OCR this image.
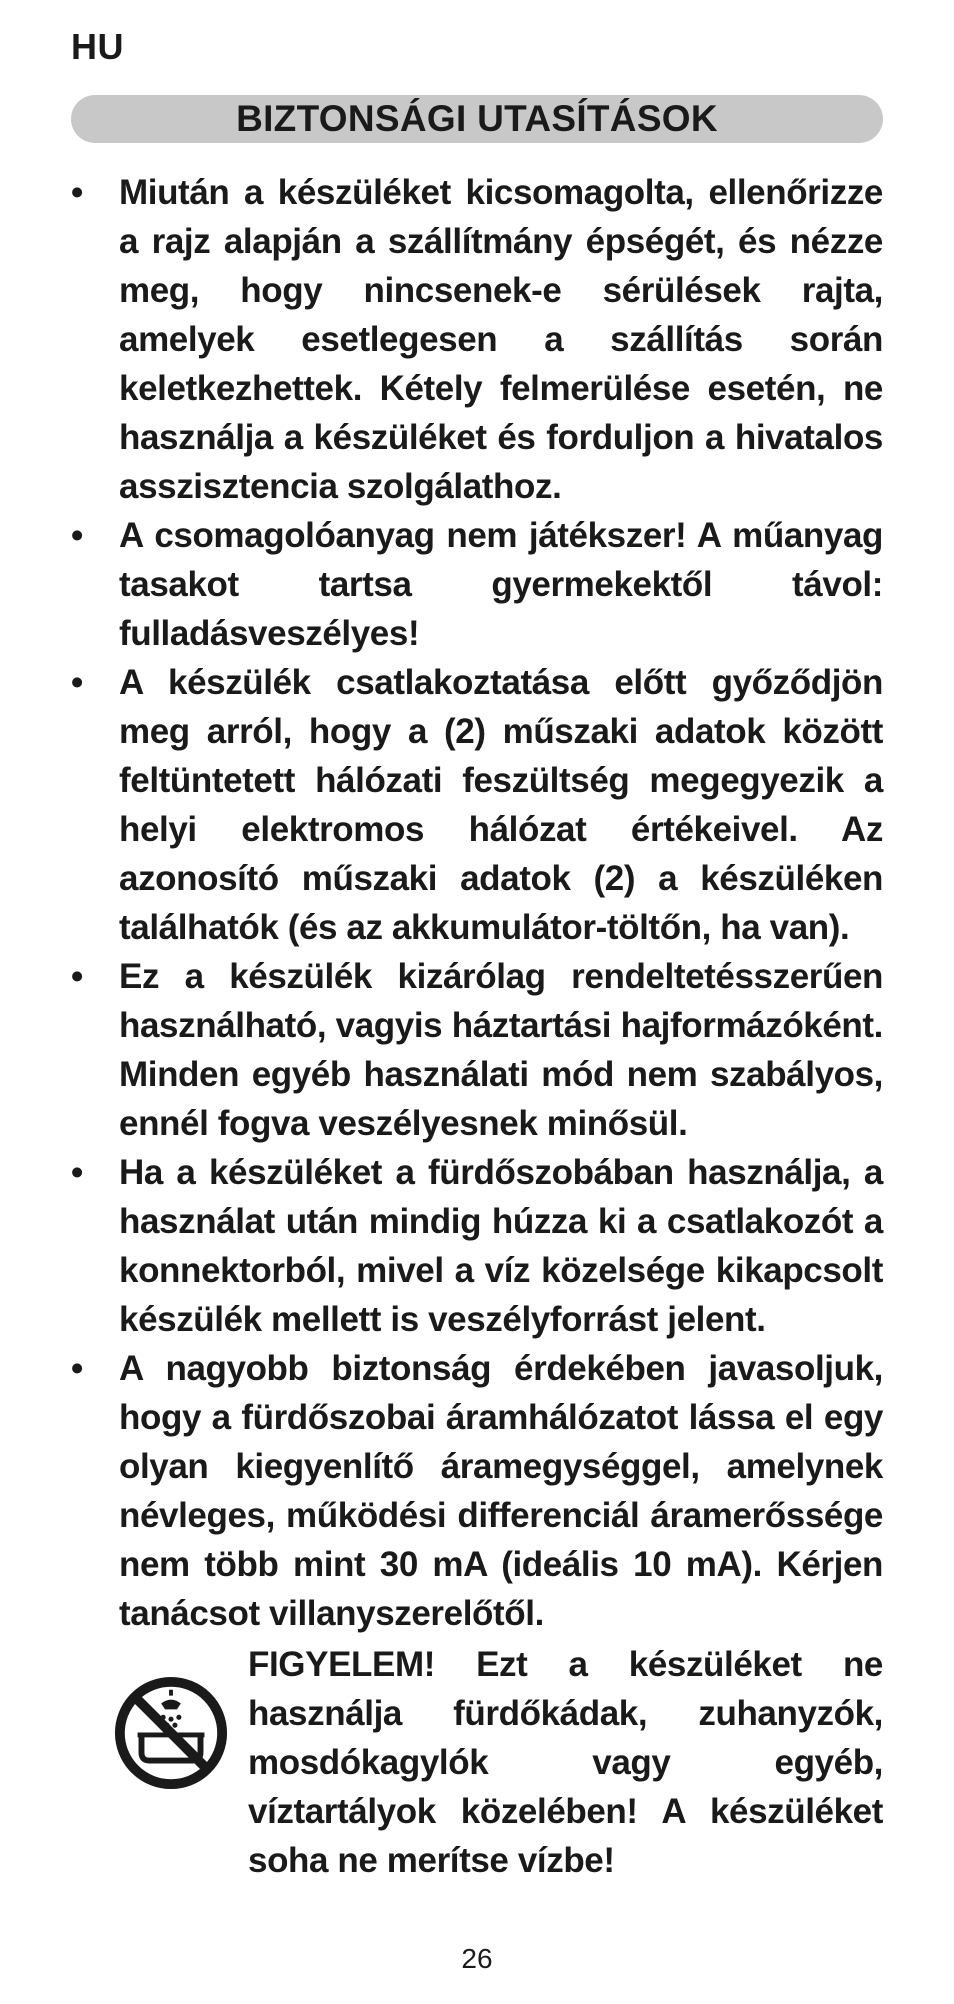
HU
BIZTONSÁGI UTASÍTÁSOK
•	Miután a készüléket kicsomagolta, ellenőrizze a rajz alapján a szállítmány épségét, és nézze meg, hogy nincsenek-e sérülések rajta, amelyek esetlegesen a szállítás során keletkezhettek. Kétely felmerülése esetén, ne használja a készüléket és forduljon a hivatalos asszisztencia szolgálathoz.
•	A csomagolóanyag nem játékszer! A műanyag tasakot tartsa gyermekektől távol: fulladásveszélyes!
•	A készülék csatlakoztatása előtt győződjön meg arról, hogy a (2) műszaki adatok között feltüntetett hálózati feszültség megegyezik a helyi elektromos hálózat értékeivel. Az azonosító műszaki adatok (2) a készüléken találhatók (és az akkumulátor-töltőn, ha van).
•	Ez a készülék kizárólag rendeltetésszerűen használható, vagyis háztartási hajformázóként. Minden egyéb használati mód nem szabályos, ennél fogva veszélyesnek minősül.
•	Ha a készüléket a fürdőszobában használja, a használat után mindig húzza ki a csatlakozót a konnektorból, mivel a víz közelsége kikapcsolt készülék mellett is veszélyforrást jelent.
•	A nagyobb biztonság érdekében javasoljuk, hogy a fürdőszobai áramhálózatot lássa el egy olyan kiegyenlítő áramegységgel, amelynek névleges, működési differenciál áramerőssége nem több mint 30 mA (ideális 10 mA). Kérjen tanácsot villanyszerelőtől.
FIGYELEM! Ezt a készüléket ne használja fürdőkádak, zuhanyzók, mosdókagylók vagy egyéb, víztartályok közelében! A készüléket soha ne merítse vízbe!
26
